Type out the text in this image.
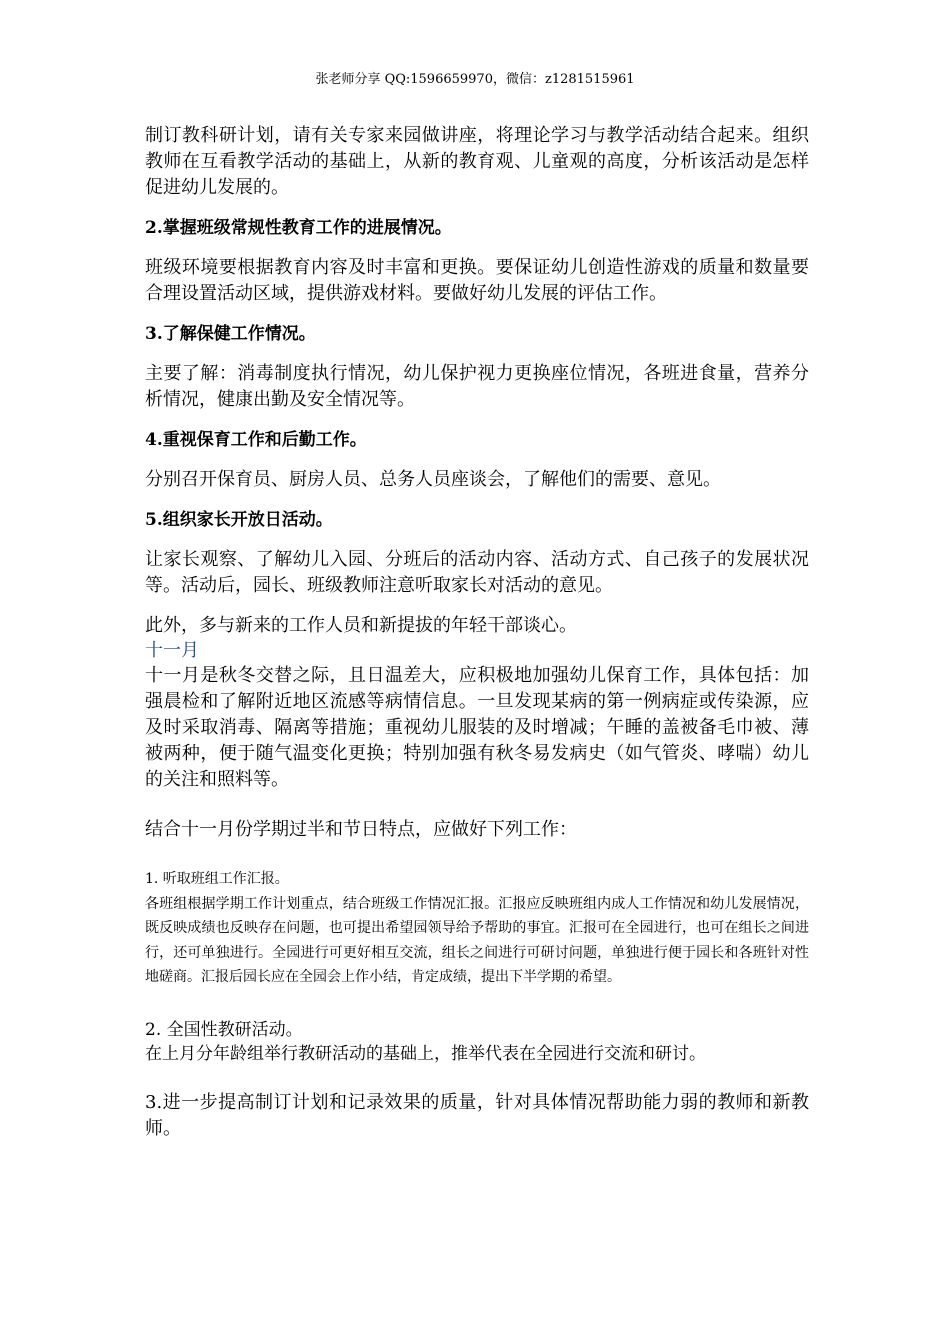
张老师分享 QQ:1596659970，微信：z1281515961

制订教科研计划，请有关专家来园做讲座，将理论学习与教学活动结合起来。组织教师在互看教学活动的基础上，从新的教育观、儿童观的高度，分析该活动是怎样促进幼儿发展的。

2.掌握班级常规性教育工作的进展情况。

班级环境要根据教育内容及时丰富和更换。要保证幼儿创造性游戏的质量和数量要合理设置活动区域，提供游戏材料。要做好幼儿发展的评估工作。

3.了解保健工作情况。

主要了解：消毒制度执行情况，幼儿保护视力更换座位情况，各班进食量，营养分析情况，健康出勤及安全情况等。

4.重视保育工作和后勤工作。

分别召开保育员、厨房人员、总务人员座谈会，了解他们的需要、意见。

5.组织家长开放日活动。

让家长观察、了解幼儿入园、分班后的活动内容、活动方式、自己孩子的发展状况等。活动后，园长、班级教师注意听取家长对活动的意见。

此外，多与新来的工作人员和新提拔的年轻干部谈心。

十一月

十一月是秋冬交替之际，且日温差大，应积极地加强幼儿保育工作，具体包括：加强晨检和了解附近地区流感等病情信息。一旦发现某病的第一例病症或传染源，应及时采取消毒、隔离等措施；重视幼儿服装的及时增减；午睡的盖被备毛巾被、薄被两种，便于随气温变化更换；特别加强有秋冬易发病史（如气管炎、哮喘）幼儿的关注和照料等。

结合十一月份学期过半和节日特点，应做好下列工作：

1. 听取班组工作汇报。

各班组根据学期工作计划重点，结合班级工作情况汇报。汇报应反映班组内成人工作情况和幼儿发展情况，既反映成绩也反映存在问题，也可提出希望园领导给予帮助的事宜。汇报可在全园进行，也可在组长之间进行，还可单独进行。全园进行可更好相互交流，组长之间进行可研讨问题，单独进行便于园长和各班针对性地磋商。汇报后园长应在全园会上作小结，肯定成绩，提出下半学期的希望。

2. 全国性教研活动。

在上月分年龄组举行教研活动的基础上，推举代表在全园进行交流和研讨。

3.进一步提高制订计划和记录效果的质量，针对具体情况帮助能力弱的教师和新教师。
